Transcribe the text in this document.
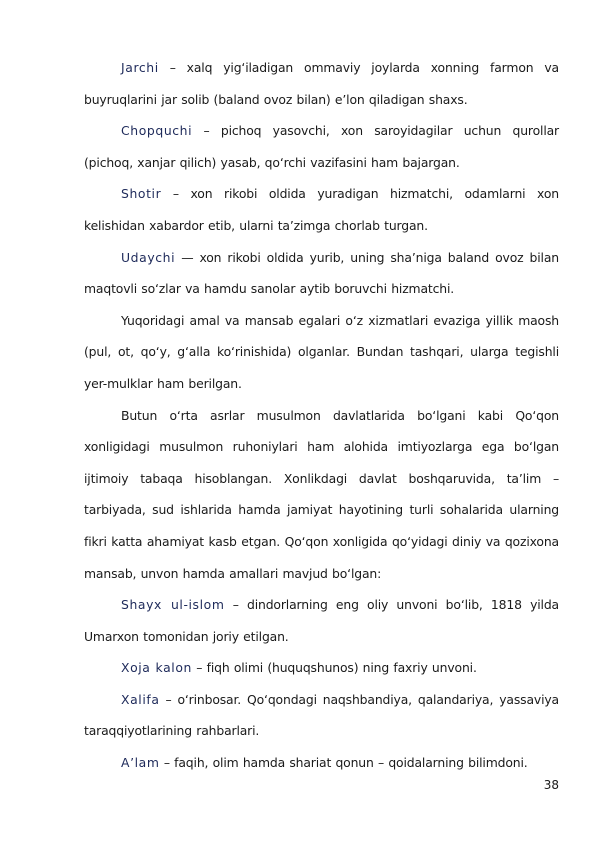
Jarchi – xalq yig‘iladigan ommaviy joylarda xonning farmon va buyruqlarini jar solib (baland ovoz bilan) e’lon qiladigan shaxs.

Chopquchi – pichoq yasovchi, xon saroyidagilar uchun qurollar (pichoq, xanjar qilich) yasab, qo‘rchi vazifasini ham bajargan.

Shotir – xon rikobi oldida yuradigan hizmatchi, odamlarni xon kelishidan xabardor etib, ularni ta’zimga chorlab turgan.

Udaychi — xon rikobi oldida yurib, uning sha’niga baland ovoz bilan maqtovli so‘zlar va hamdu sanolar aytib boruvchi hizmatchi.

Yuqoridagi amal va mansab egalari o‘z xizmatlari evaziga yillik maosh (pul, ot, qo‘y, g‘alla ko‘rinishida) olganlar. Bundan tashqari, ularga tegishli yer-mulklar ham berilgan.

Butun o‘rta asrlar musulmon davlatlarida bo‘lgani kabi Qo‘qon xonligidagi musulmon ruhoniylari ham alohida imtiyozlarga ega bo‘lgan ijtimoiy tabaqa hisoblangan. Xonlikdagi davlat boshqaruvida, ta’lim – tarbiyada, sud ishlarida hamda jamiyat hayotining turli sohalarida ularning fikri katta ahamiyat kasb etgan. Qo‘qon xonligida qo‘yidagi diniy va qozixona mansab, unvon hamda amallari mavjud bo‘lgan:

Shayx ul-islom – dindorlarning eng oliy unvoni bo‘lib, 1818 yilda Umarxon tomonidan joriy etilgan.

Xoja kalon – fiqh olimi (huquqshunos) ning faxriy unvoni.

Xalifa – o‘rinbosar. Qo‘qondagi naqshbandiya, qalandariya, yassaviya taraqqiyotlarining rahbarlari.

A’lam – faqih, olim hamda shariat qonun – qoidalarning bilimdoni.

38
